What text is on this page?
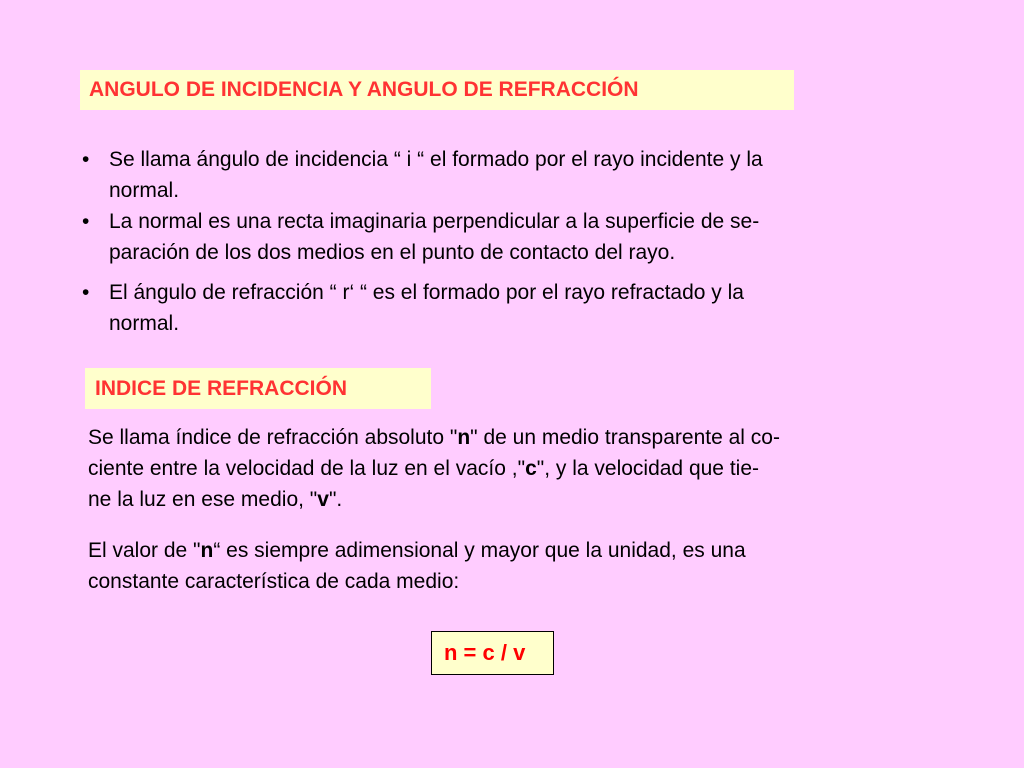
ANGULO DE INCIDENCIA Y ANGULO DE REFRACCIÓN
• Se llama ángulo de incidencia “ i “ el formado por el rayo incidente y la
normal.
• La normal es una recta imaginaria perpendicular a la superficie de se-
paración de los dos medios en el punto de contacto del rayo.
• El ángulo de refracción “ r‘ “ es el formado por el rayo refractado y la
normal.
INDICE DE REFRACCIÓN

Se llama índice de refracción absoluto "n" de un medio transparente al co-
ciente entre la velocidad de la luz en el vacío ,"c", y la velocidad que tie-
ne la luz en ese medio, "v".

El valor de "n“ es siempre adimensional y mayor que la unidad, es una
constante característica de cada medio:

n = c / v
